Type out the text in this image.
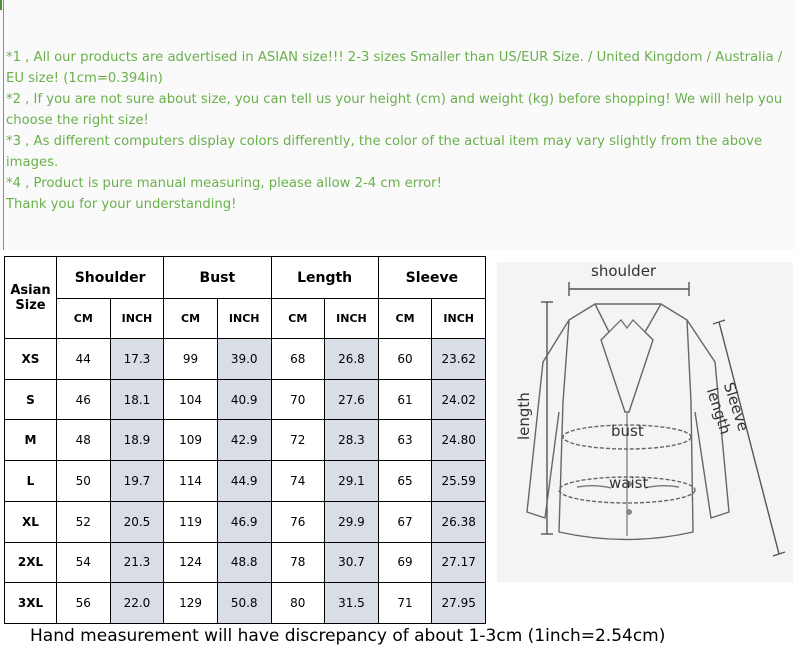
*1 , All our products are advertised in ASIAN size!!! 2-3 sizes Smaller than US/EUR Size. / United Kingdom / Australia / EU size! (1cm=0.394in)

*2 , If you are not sure about size, you can tell us your height (cm) and weight (kg) before shopping! We will help you choose the right size!

*3 , As different computers display colors differently, the color of the actual item may vary slightly from the above images.

*4 , Product is pure manual measuring, please allow 2-4 cm error!

Thank you for your understanding!

Asian Size	Shoulder		Bust		Length		Sleeve	
	CM	INCH	CM	INCH	CM	INCH	CM	INCH
XS	44	17.3	99	39.0	68	26.8	60	23.62
S	46	18.1	104	40.9	70	27.6	61	24.02
M	48	18.9	109	42.9	72	28.3	63	24.80
L	50	19.7	114	44.9	74	29.1	65	25.59
XL	52	20.5	119	46.9	76	29.9	67	26.38
2XL	54	21.3	124	48.8	78	30.7	69	27.17
3XL	56	22.0	129	50.8	80	31.5	71	27.95
shoulder
length	bust
waist
Sleeve length
Hand measurement will have discrepancy of about 1-3cm (1inch=2.54cm)
